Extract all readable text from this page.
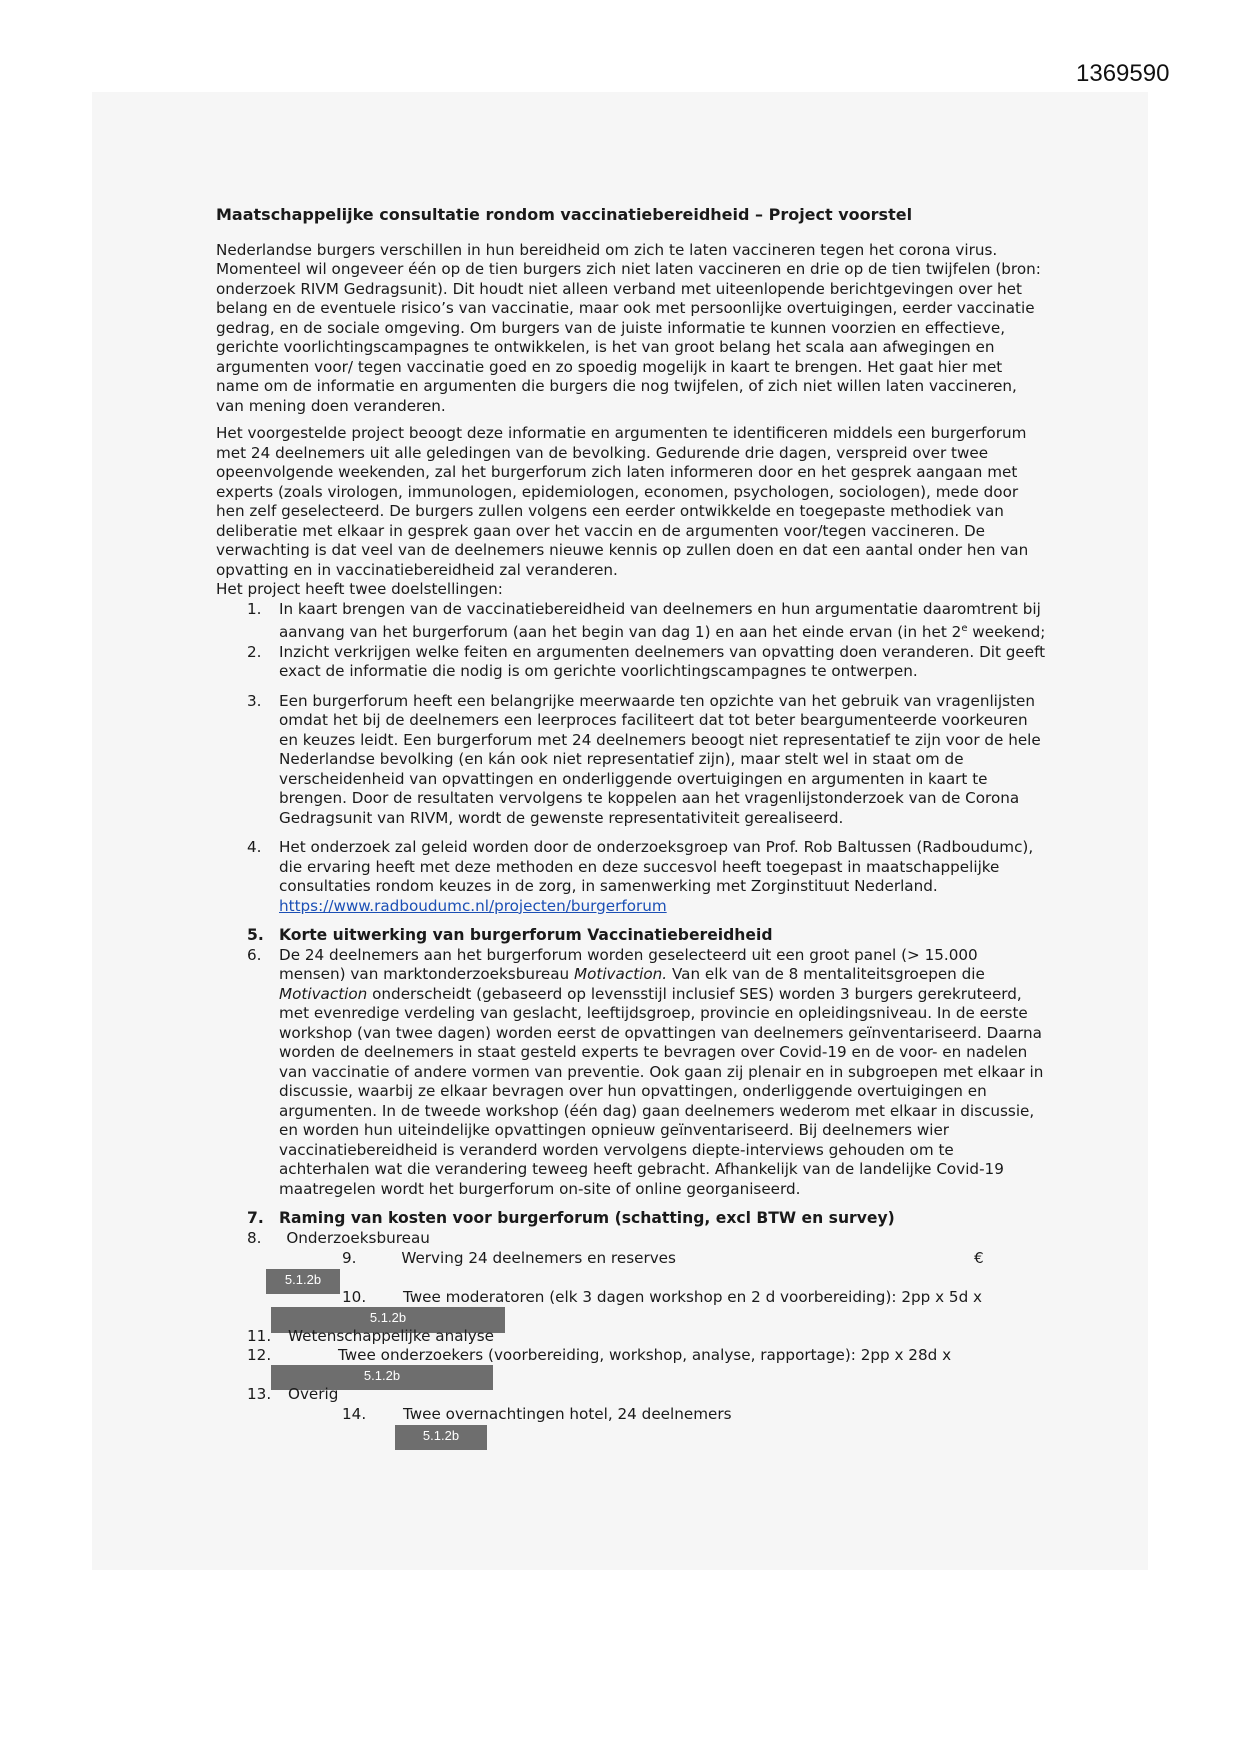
1369590
Maatschappelijke consultatie rondom vaccinatiebereidheid – Project voorstel

Nederlandse burgers verschillen in hun bereidheid om zich te laten vaccineren tegen het corona virus. Momenteel wil ongeveer één op de tien burgers zich niet laten vaccineren en drie op de tien twijfelen (bron: onderzoek RIVM Gedragsunit). Dit houdt niet alleen verband met uiteenlopende berichtgevingen over het belang en de eventuele risico’s van vaccinatie, maar ook met persoonlijke overtuigingen, eerder vaccinatie gedrag, en de sociale omgeving. Om burgers van de juiste informatie te kunnen voorzien en effectieve, gerichte voorlichtingscampagnes te ontwikkelen, is het van groot belang het scala aan afwegingen en argumenten voor/ tegen vaccinatie goed en zo spoedig mogelijk in kaart te brengen. Het gaat hier met name om de informatie en argumenten die burgers die nog twijfelen, of zich niet willen laten vaccineren, van mening doen veranderen.

Het voorgestelde project beoogt deze informatie en argumenten te identificeren middels een burgerforum met 24 deelnemers uit alle geledingen van de bevolking. Gedurende drie dagen, verspreid over twee opeenvolgende weekenden, zal het burgerforum zich laten informeren door en het gesprek aangaan met experts (zoals virologen, immunologen, epidemiologen, economen, psychologen, sociologen), mede door hen zelf geselecteerd. De burgers zullen volgens een eerder ontwikkelde en toegepaste methodiek van deliberatie met elkaar in gesprek gaan over het vaccin en de argumenten voor/tegen vaccineren. De verwachting is dat veel van de deelnemers nieuwe kennis op zullen doen en dat een aantal onder hen van opvatting en in vaccinatiebereidheid zal veranderen.

Het project heeft twee doelstellingen:
1. In kaart brengen van de vaccinatiebereidheid van deelnemers en hun argumentatie daaromtrent bij aanvang van het burgerforum (aan het begin van dag 1) en aan het einde ervan (in het 2e weekend;
2. Inzicht verkrijgen welke feiten en argumenten deelnemers van opvatting doen veranderen. Dit geeft exact de informatie die nodig is om gerichte voorlichtingscampagnes te ontwerpen.
3. Een burgerforum heeft een belangrijke meerwaarde ten opzichte van het gebruik van vragenlijsten omdat het bij de deelnemers een leerproces faciliteert dat tot beter beargumenteerde voorkeuren en keuzes leidt. Een burgerforum met 24 deelnemers beoogt niet representatief te zijn voor de hele Nederlandse bevolking (en kán ook niet representatief zijn), maar stelt wel in staat om de verscheidenheid van opvattingen en onderliggende overtuigingen en argumenten in kaart te brengen. Door de resultaten vervolgens te koppelen aan het vragenlijstonderzoek van de Corona Gedragsunit van RIVM, wordt de gewenste representativiteit gerealiseerd.
4. Het onderzoek zal geleid worden door de onderzoeksgroep van Prof. Rob Baltussen (Radboudumc), die ervaring heeft met deze methoden en deze succesvol heeft toegepast in maatschappelijke consultaties rondom keuzes in de zorg, in samenwerking met Zorginstituut Nederland. https://www.radboudumc.nl/projecten/burgerforum
5. Korte uitwerking van burgerforum Vaccinatiebereidheid
6. De 24 deelnemers aan het burgerforum worden geselecteerd uit een groot panel (> 15.000 mensen) van marktonderzoeksbureau Motivaction. Van elk van de 8 mentaliteitsgroepen die Motivaction onderscheidt (gebaseerd op levensstijl inclusief SES) worden 3 burgers gerekruteerd, met evenredige verdeling van geslacht, leeftijdsgroep, provincie en opleidingsniveau. In de eerste workshop (van twee dagen) worden eerst de opvattingen van deelnemers geïnventariseerd. Daarna worden de deelnemers in staat gesteld experts te bevragen over Covid-19 en de voor- en nadelen van vaccinatie of andere vormen van preventie. Ook gaan zij plenair en in subgroepen met elkaar in discussie, waarbij ze elkaar bevragen over hun opvattingen, onderliggende overtuigingen en argumenten. In de tweede workshop (één dag) gaan deelnemers wederom met elkaar in discussie, en worden hun uiteindelijke opvattingen opnieuw geïnventariseerd. Bij deelnemers wier vaccinatiebereidheid is veranderd worden vervolgens diepte-interviews gehouden om te achterhalen wat die verandering teweeg heeft gebracht. Afhankelijk van de landelijke Covid-19 maatregelen wordt het burgerforum on-site of online georganiseerd.
7. Raming van kosten voor burgerforum (schatting, excl BTW en survey)
8. Onderzoeksbureau
9.	Werving 24 deelnemers en reserves	€
5.1.2b
10. Twee moderatoren (elk 3 dagen workshop en 2 d voorbereiding): 2pp x 5d x
5.1.2b
11. Wetenschappelijke analyse
12.	Twee onderzoekers (voorbereiding, workshop, analyse, rapportage): 2pp x 28d x
5.1.2b
13. Overig
14. Twee overnachtingen hotel, 24 deelnemers
5.1.2b
